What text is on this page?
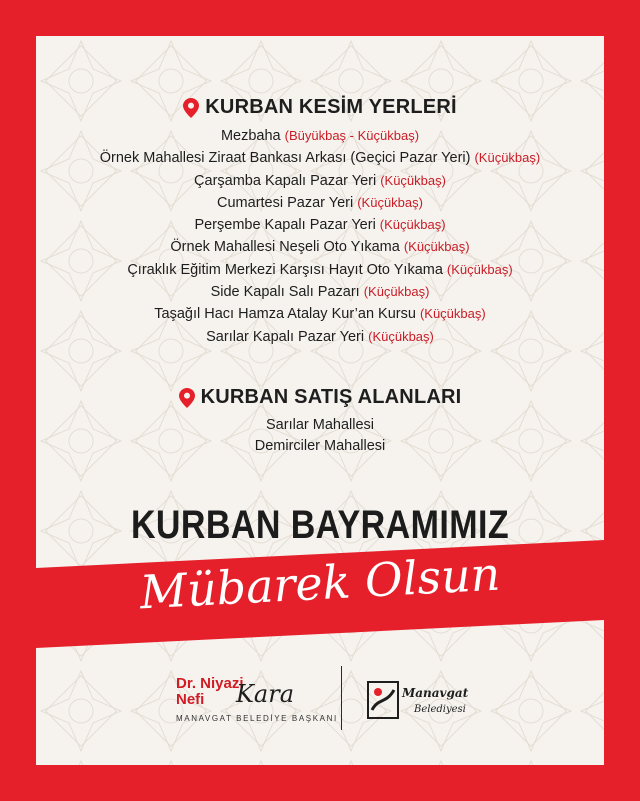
KURBAN KESİM YERLERİ
Mezbaha (Büyükbaş - Küçükbaş)
Örnek Mahallesi Ziraat Bankası Arkası (Geçici Pazar Yeri) (Küçükbaş)
Çarşamba Kapalı Pazar Yeri (Küçükbaş)
Cumartesi Pazar Yeri (Küçükbaş)
Perşembe Kapalı Pazar Yeri (Küçükbaş)
Örnek Mahallesi Neşeli Oto Yıkama (Küçükbaş)
Çıraklık Eğitim Merkezi Karşısı Hayıt Oto Yıkama (Küçükbaş)
Side Kapalı Salı Pazarı (Küçükbaş)
Taşağıl Hacı Hamza Atalay Kur’an Kursu (Küçükbaş)
Sarılar Kapalı Pazar Yeri (Küçükbaş)
KURBAN SATIŞ ALANLARI
Sarılar Mahallesi
Demirciler Mahallesi
KURBAN BAYRAMIMIZ
Mübarek Olsun
Dr. Niyazi
Nefi	Kara
MANAVGAT BELEDİYE BAŞKANI
Manavgat
Belediyesi
